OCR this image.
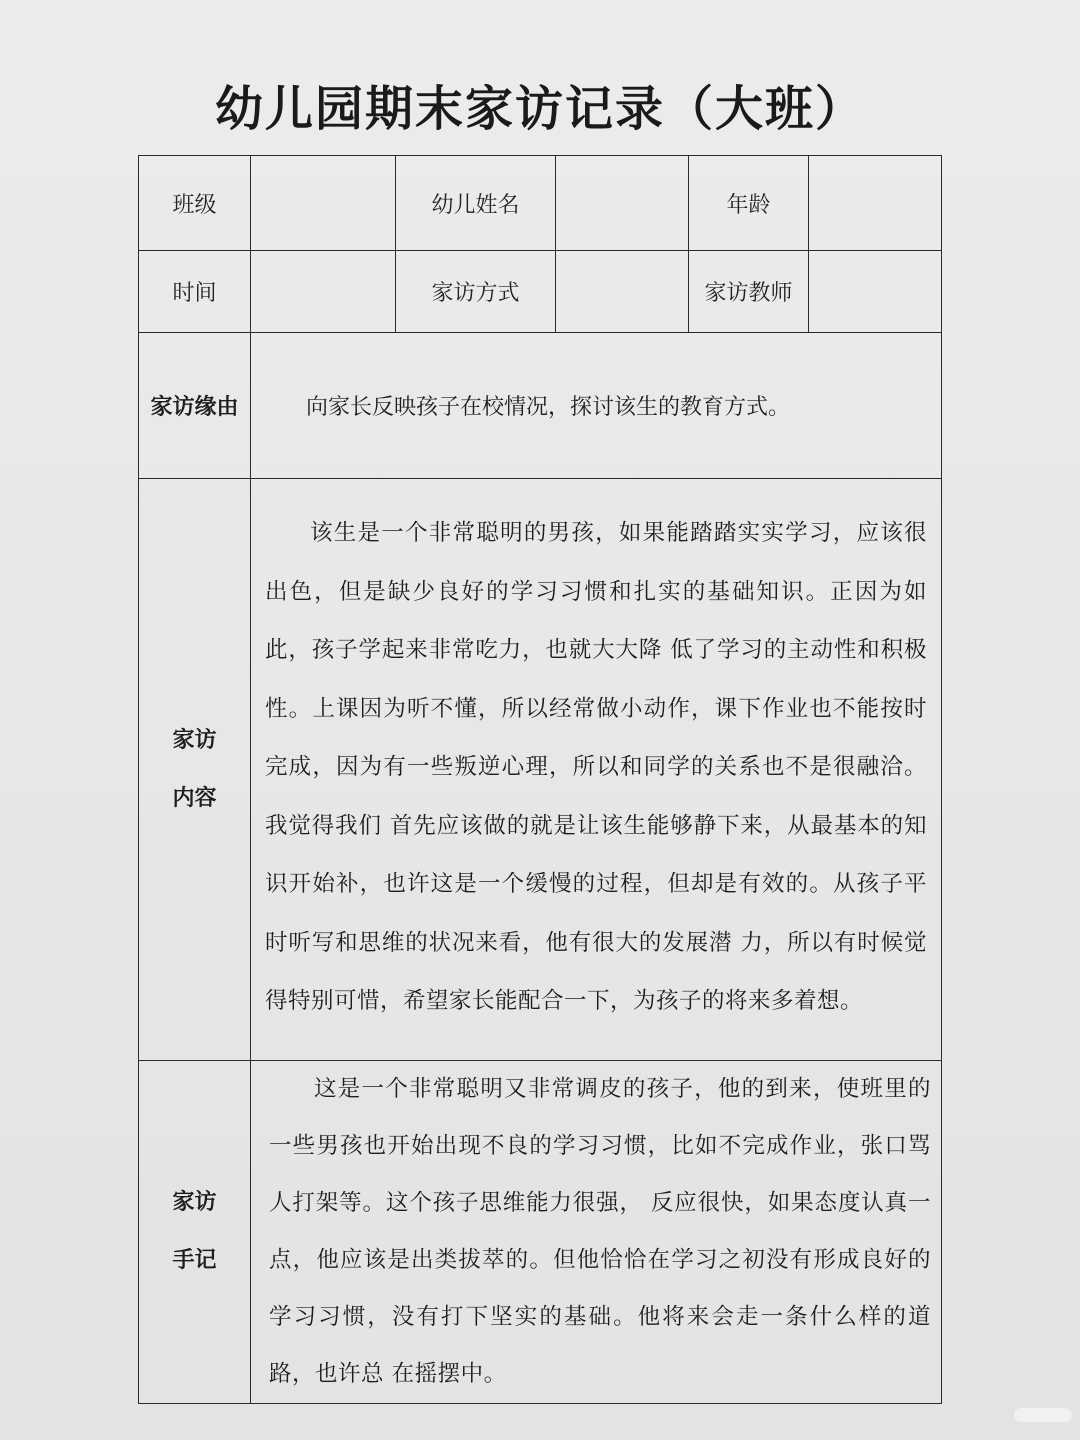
幼儿园期末家访记录（大班）
班级		幼儿姓名		年龄	
时间		家访方式		家访教师	
家访缘由	向家长反映孩子在校情况，探讨该生的教育方式。				

家访
内容	该生是一个非常聪明的男孩，如果能踏踏实实学习，应该很出色，但是缺少良好的学习习惯和扎实的基础知识。正因为如此，孩子学起来非常吃力，也就大大降 低了学习的主动性和积极性。上课因为听不懂，所以经常做小动作，课下作业也不能按时完成，因为有一些叛逆心理，所以和同学的关系也不是很融洽。我觉得我们 首先应该做的就是让该生能够静下来，从最基本的知识开始补，也许这是一个缓慢的过程，但却是有效的。从孩子平时听写和思维的状况来看，他有很大的发展潜 力，所以有时候觉得特别可惜，希望家长能配合一下，为孩子的将来多着想。				

家访
手记	这是一个非常聪明又非常调皮的孩子，他的到来，使班里的一些男孩也开始出现不良的学习习惯，比如不完成作业，张口骂人打架等。这个孩子思维能力很强， 反应很快，如果态度认真一点，他应该是出类拔萃的。但他恰恰在学习之初没有形成良好的学习习惯，没有打下坚实的基础。他将来会走一条什么样的道路，也许总 在摇摆中。				
